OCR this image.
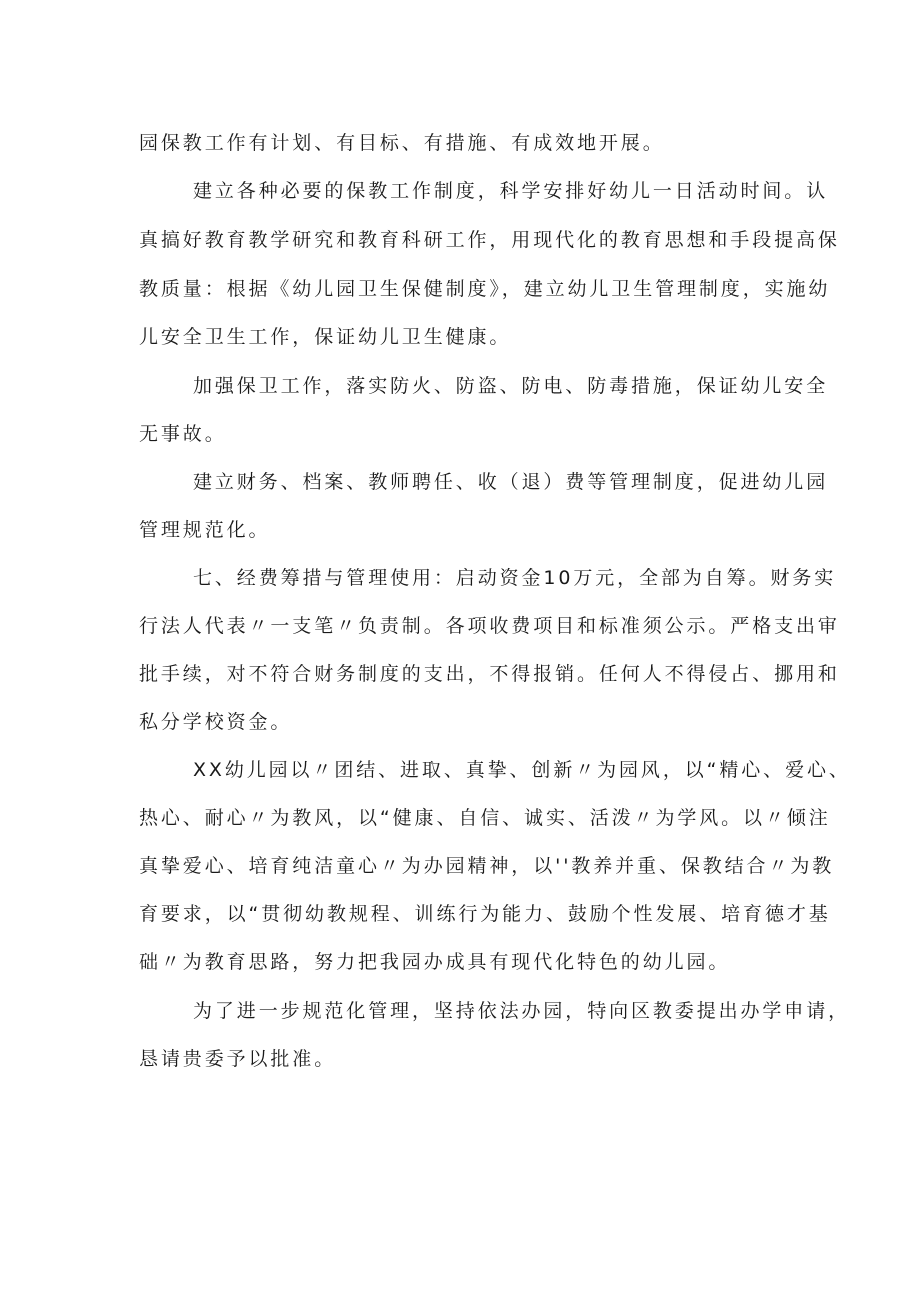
园保教工作有计划、有目标、有措施、有成效地开展。
建立各种必要的保教工作制度，科学安排好幼儿一日活动时间。认
真搞好教育教学研究和教育科研工作，用现代化的教育思想和手段提高保
教质量：根据《幼儿园卫生保健制度》，建立幼儿卫生管理制度，实施幼
儿安全卫生工作，保证幼儿卫生健康。
加强保卫工作，落实防火、防盗、防电、防毒措施，保证幼儿安全
无事故。
建立财务、档案、教师聘任、收（退）费等管理制度，促进幼儿园
管理规范化。
七、经费筹措与管理使用：启动资金10万元，全部为自筹。财务实
行法人代表〃一支笔〃负责制。各项收费项目和标准须公示。严格支出审
批手续，对不符合财务制度的支出，不得报销。任何人不得侵占、挪用和
私分学校资金。
XX幼儿园以〃团结、进取、真挚、创新〃为园风，以“精心、爱心、
热心、耐心〃为教风，以“健康、自信、诚实、活泼〃为学风。以〃倾注
真挚爱心、培育纯洁童心〃为办园精神，以''教养并重、保教结合〃为教
育要求，以“贯彻幼教规程、训练行为能力、鼓励个性发展、培育德才基
础〃为教育思路，努力把我园办成具有现代化特色的幼儿园。
为了进一步规范化管理，坚持依法办园，特向区教委提出办学申请，
恳请贵委予以批准。
